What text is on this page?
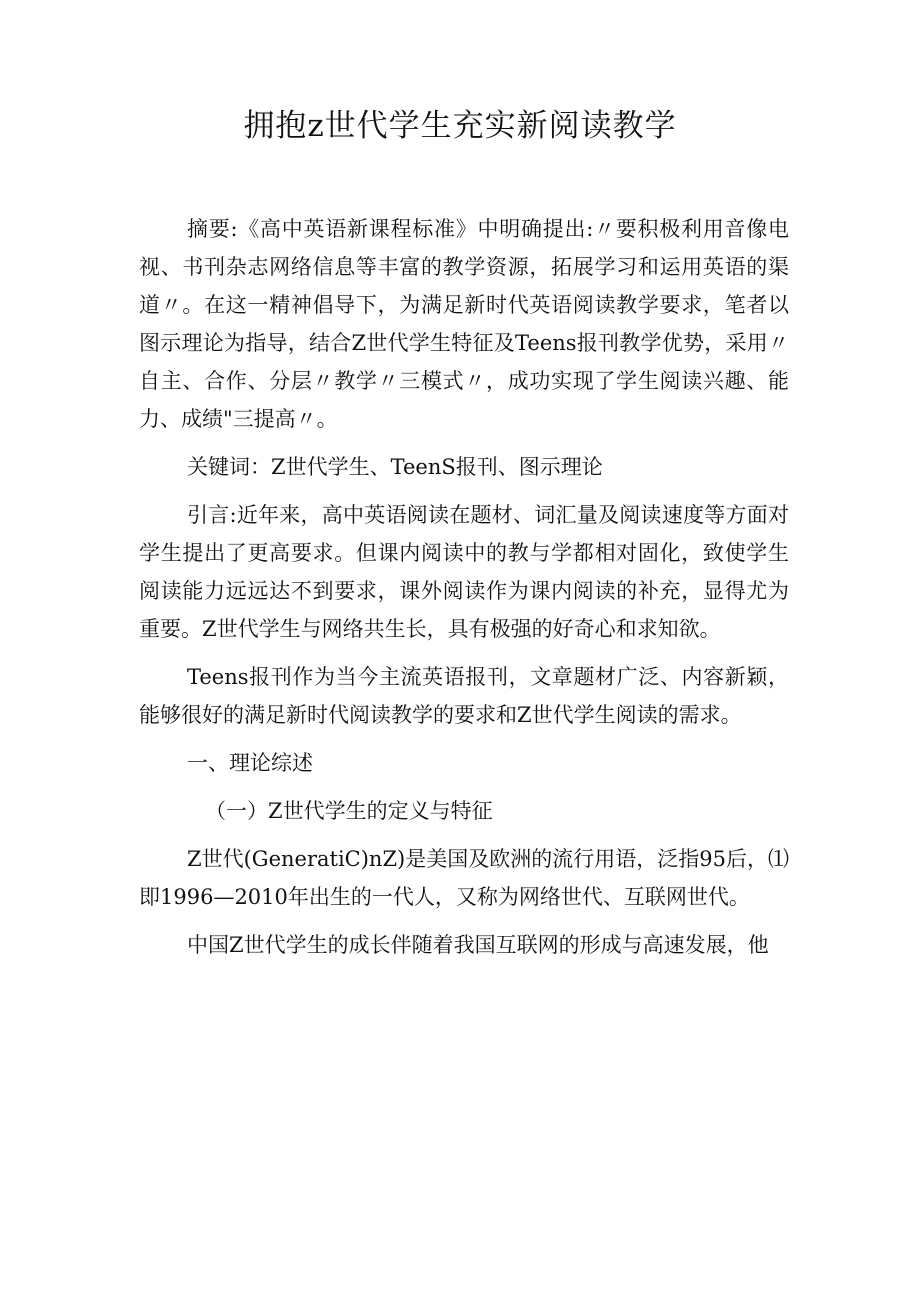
拥抱z世代学生充实新阅读教学

摘要:《高中英语新课程标准》中明确提出:〃要积极利用音像电视、书刊杂志网络信息等丰富的教学资源，拓展学习和运用英语的渠道〃。在这一精神倡导下，为满足新时代英语阅读教学要求，笔者以图示理论为指导，结合Z世代学生特征及Teens报刊教学优势，采用〃自主、合作、分层〃教学〃三模式〃，成功实现了学生阅读兴趣、能力、成绩"三提高〃。

关键词：Z世代学生、TeenS报刊、图示理论

引言:近年来，高中英语阅读在题材、词汇量及阅读速度等方面对学生提出了更高要求。但课内阅读中的教与学都相对固化，致使学生阅读能力远远达不到要求，课外阅读作为课内阅读的补充，显得尤为重要。Z世代学生与网络共生长，具有极强的好奇心和求知欲。

Teens报刊作为当今主流英语报刊，文章题材广泛、内容新颖，能够很好的满足新时代阅读教学的要求和Z世代学生阅读的需求。

一、理论综述

（一）Z世代学生的定义与特征

Z世代(GeneratiC)nZ)是美国及欧洲的流行用语，泛指95后，⑴即1996—2010年出生的一代人，又称为网络世代、互联网世代。

中国Z世代学生的成长伴随着我国互联网的形成与高速发展，他
